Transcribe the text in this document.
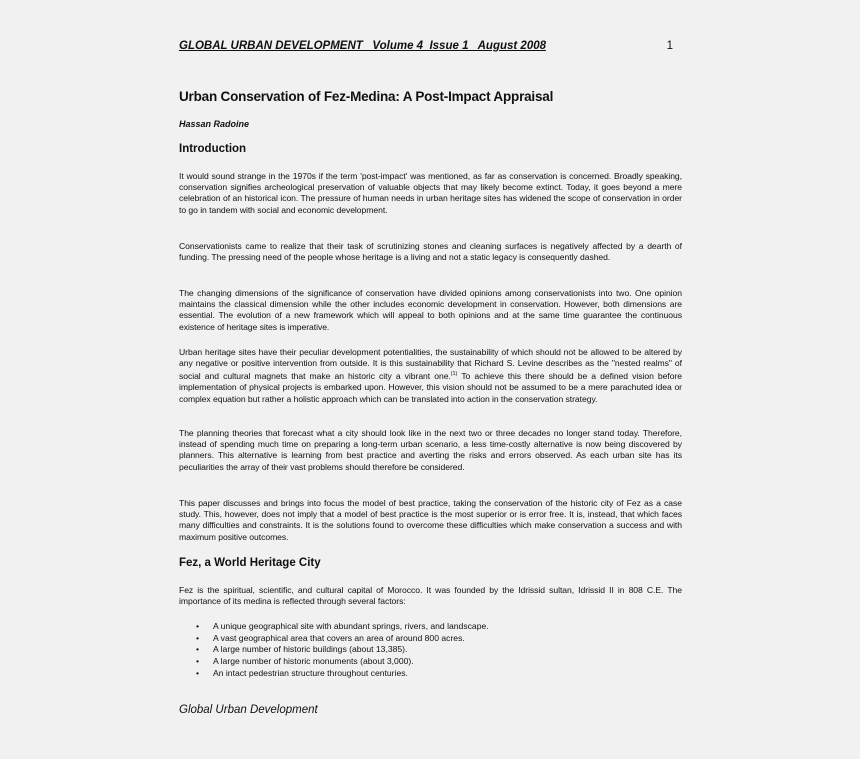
GLOBAL URBAN DEVELOPMENT   Volume 4  Issue 1   August 2008	1
Urban Conservation of Fez-Medina: A Post-Impact Appraisal
Hassan Radoine
Introduction

It would sound strange in the 1970s if the term 'post-impact' was mentioned, as far as conservation is concerned. Broadly speaking, conservation signifies archeological preservation of valuable objects that may likely become extinct. Today, it goes beyond a mere celebration of an historical icon. The pressure of human needs in urban heritage sites has widened the scope of conservation in order to go in tandem with social and economic development.

Conservationists came to realize that their task of scrutinizing stones and cleaning surfaces is negatively affected by a dearth of funding. The pressing need of the people whose heritage is a living and not a static legacy is consequently dashed.

The changing dimensions of the significance of conservation have divided opinions among conservationists into two. One opinion maintains the classical dimension while the other includes economic development in conservation. However, both dimensions are essential. The evolution of a new framework which will appeal to both opinions and at the same time guarantee the continuous existence of heritage sites is imperative.

Urban heritage sites have their peculiar development potentialities, the sustainability of which should not be allowed to be altered by any negative or positive intervention from outside. It is this sustainability that Richard S. Levine describes as the "nested realms" of social and cultural magnets that make an historic city a vibrant one.$^{(1)}$ To achieve this there should be a defined vision before implementation of physical projects is embarked upon. However, this vision should not be assumed to be a mere parachuted idea or complex equation but rather a holistic approach which can be translated into action in the conservation strategy.

The planning theories that forecast what a city should look like in the next two or three decades no longer stand today. Therefore, instead of spending much time on preparing a long-term urban scenario, a less time-costly alternative is now being discovered by planners. This alternative is learning from best practice and averting the risks and errors observed. As each urban site has its peculiarities the array of their vast problems should therefore be considered.

This paper discusses and brings into focus the model of best practice, taking the conservation of the historic city of Fez as a case study. This, however, does not imply that a model of best practice is the most superior or is error free. It is, instead, that which faces many difficulties and constraints. It is the solutions found to overcome these difficulties which make conservation a success and with maximum positive outcomes.

Fez, a World Heritage City

Fez is the spiritual, scientific, and cultural capital of Morocco. It was founded by the Idrissid sultan, Idrissid II in 808 C.E. The importance of its medina is reflected through several factors:

• A unique geographical site with abundant springs, rivers, and landscape.
• A vast geographical area that covers an area of around 800 acres.
• A large number of historic buildings (about 13,385).
• A large number of historic monuments (about 3,000).
• An intact pedestrian structure throughout centuries.
Global Urban Development
